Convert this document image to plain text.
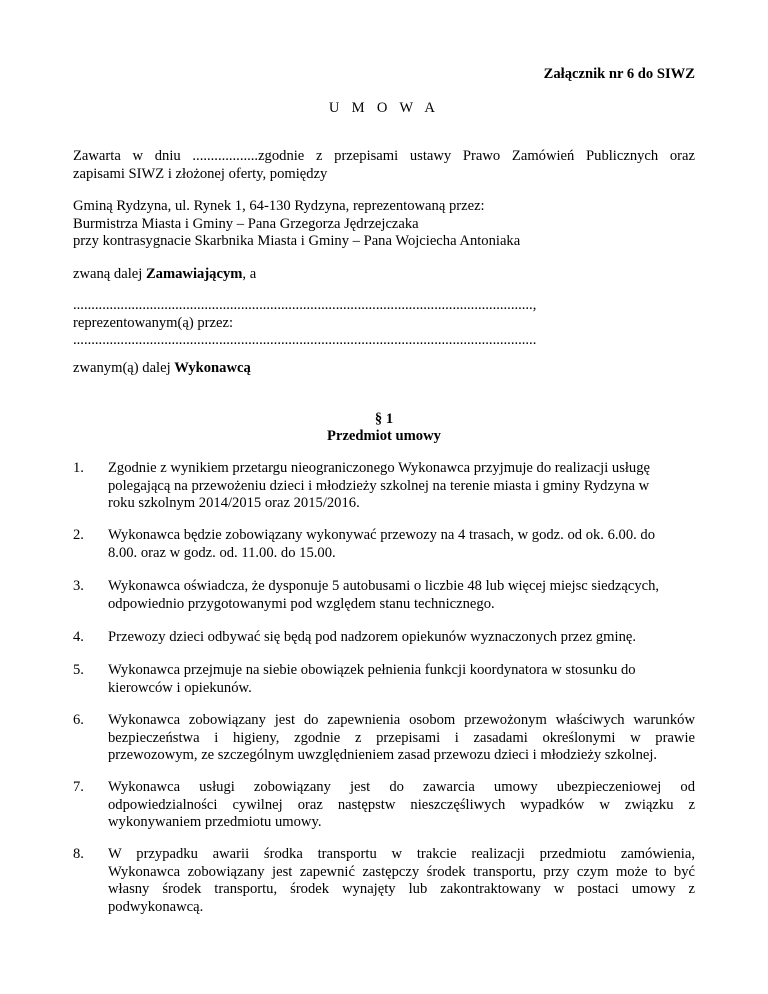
Załącznik nr 6 do SIWZ
U M O W A
Zawarta w dniu ..................zgodnie z przepisami ustawy Prawo Zamówień Publicznych oraz
zapisami SIWZ i złożonej oferty, pomiędzy
Gminą Rydzyna, ul. Rynek 1, 64-130 Rydzyna, reprezentowaną przez:
Burmistrza Miasta i Gminy – Pana Grzegorza Jędrzejczaka
przy kontrasygnacie Skarbnika Miasta i Gminy – Pana Wojciecha Antoniaka
zwaną dalej Zamawiającym, a
..............................................................................................................................,
reprezentowanym(ą) przez:
...............................................................................................................................
zwanym(ą) dalej Wykonawcą
§ 1
Przedmiot umowy
1. Zgodnie z wynikiem przetargu nieograniczonego Wykonawca przyjmuje do realizacji usługę
polegającą na przewożeniu dzieci i młodzieży szkolnej na terenie miasta i gminy Rydzyna w
roku szkolnym 2014/2015 oraz 2015/2016.
2. Wykonawca będzie zobowiązany wykonywać przewozy na 4 trasach, w godz. od ok. 6.00. do
8.00. oraz w godz. od. 11.00. do 15.00.
3. Wykonawca oświadcza, że dysponuje 5 autobusami o liczbie 48 lub więcej miejsc siedzących,
odpowiednio przygotowanymi pod względem stanu technicznego.
4. Przewozy dzieci odbywać się będą pod nadzorem opiekunów wyznaczonych przez gminę.
5. Wykonawca przejmuje na siebie obowiązek pełnienia funkcji koordynatora w stosunku do
kierowców i opiekunów.
6. Wykonawca zobowiązany jest do zapewnienia osobom przewożonym właściwych warunków
bezpieczeństwa i higieny, zgodnie z przepisami i zasadami określonymi w prawie
przewozowym, ze szczególnym uwzględnieniem zasad przewozu dzieci i młodzieży szkolnej.
7. Wykonawca usługi zobowiązany jest do zawarcia umowy ubezpieczeniowej od
odpowiedzialności cywilnej oraz następstw nieszczęśliwych wypadków w związku z
wykonywaniem przedmiotu umowy.
8. W przypadku awarii środka transportu w trakcie realizacji przedmiotu zamówienia,
Wykonawca zobowiązany jest zapewnić zastępczy środek transportu, przy czym może to być
własny środek transportu, środek wynajęty lub zakontraktowany w postaci umowy z
podwykonawcą.
